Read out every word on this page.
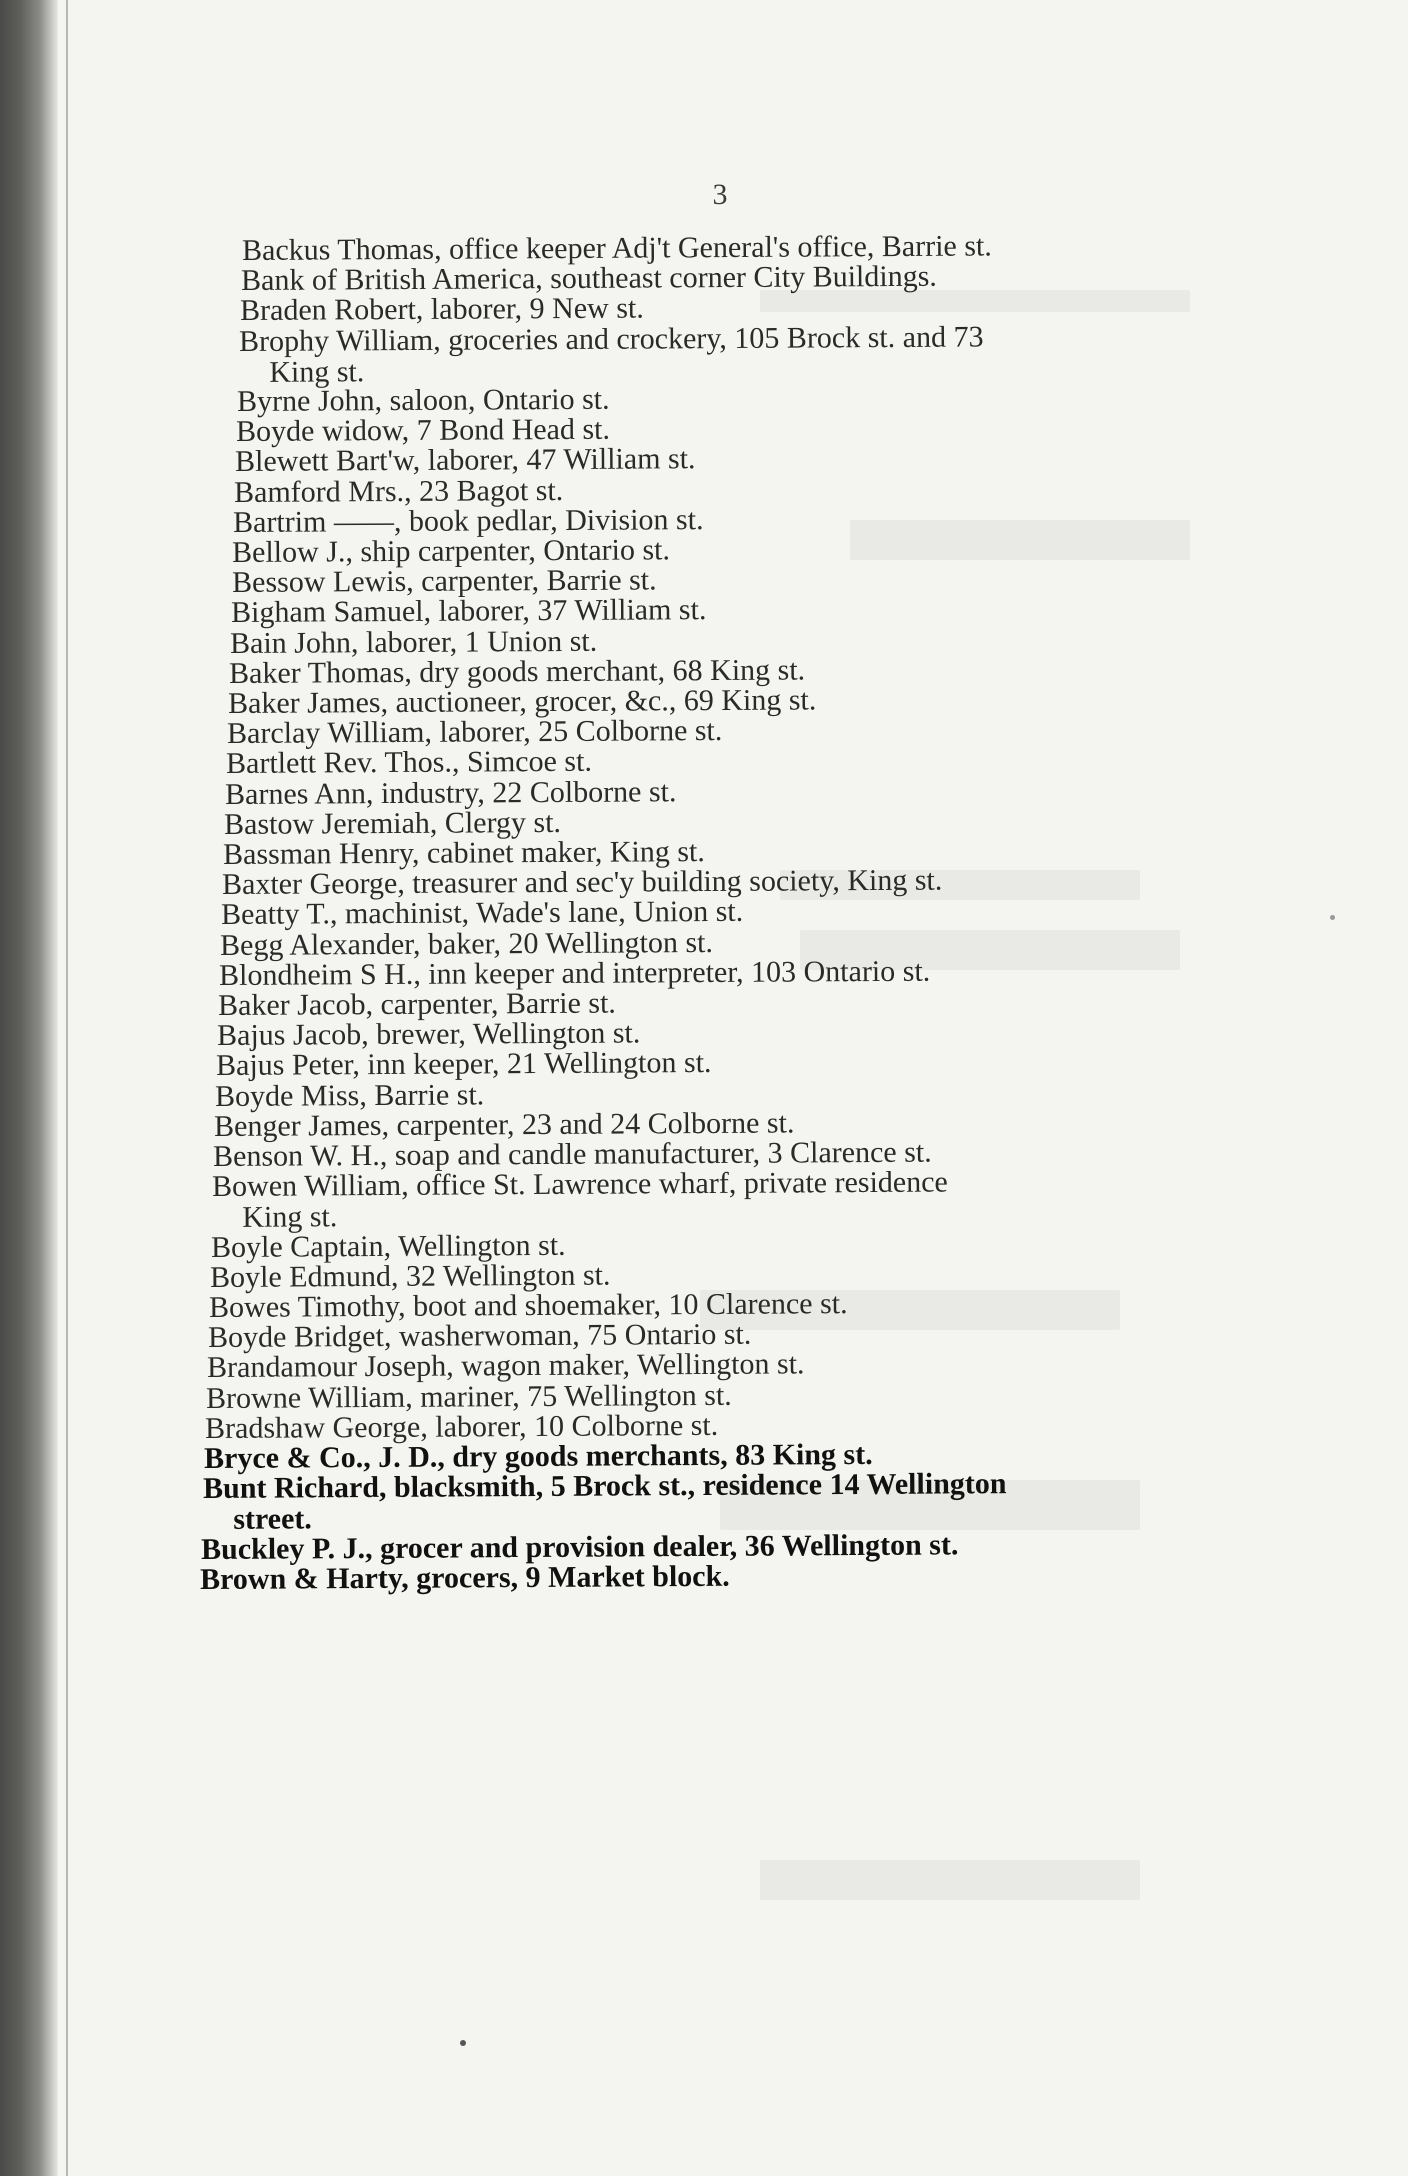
3
Backus Thomas, office keeper Adj't General's office, Barrie st.
Bank of British America, southeast corner City Buildings.
Braden Robert, laborer, 9 New st.
Brophy William, groceries and crockery, 105 Brock st. and 73
King st.
Byrne John, saloon, Ontario st.
Boyde widow, 7 Bond Head st.
Blewett Bart'w, laborer, 47 William st.
Bamford Mrs., 23 Bagot st.
Bartrim ——, book pedlar, Division st.
Bellow J., ship carpenter, Ontario st.
Bessow Lewis, carpenter, Barrie st.
Bigham Samuel, laborer, 37 William st.
Bain John, laborer, 1 Union st.
Baker Thomas, dry goods merchant, 68 King st.
Baker James, auctioneer, grocer, &c., 69 King st.
Barclay William, laborer, 25 Colborne st.
Bartlett Rev. Thos., Simcoe st.
Barnes Ann, industry, 22 Colborne st.
Bastow Jeremiah, Clergy st.
Bassman Henry, cabinet maker, King st.
Baxter George, treasurer and sec'y building society, King st.
Beatty T., machinist, Wade's lane, Union st.
Begg Alexander, baker, 20 Wellington st.
Blondheim S H., inn keeper and interpreter, 103 Ontario st.
Baker Jacob, carpenter, Barrie st.
Bajus Jacob, brewer, Wellington st.
Bajus Peter, inn keeper, 21 Wellington st.
Boyde Miss, Barrie st.
Benger James, carpenter, 23 and 24 Colborne st.
Benson W. H., soap and candle manufacturer, 3 Clarence st.
Bowen William, office St. Lawrence wharf, private residence
King st.
Boyle Captain, Wellington st.
Boyle Edmund, 32 Wellington st.
Bowes Timothy, boot and shoemaker, 10 Clarence st.
Boyde Bridget, washerwoman, 75 Ontario st.
Brandamour Joseph, wagon maker, Wellington st.
Browne William, mariner, 75 Wellington st.
Bradshaw George, laborer, 10 Colborne st.
Bryce & Co., J. D., dry goods merchants, 83 King st.
Bunt Richard, blacksmith, 5 Brock st., residence 14 Wellington
street.
Buckley P. J., grocer and provision dealer, 36 Wellington st.
Brown & Harty, grocers, 9 Market block.
